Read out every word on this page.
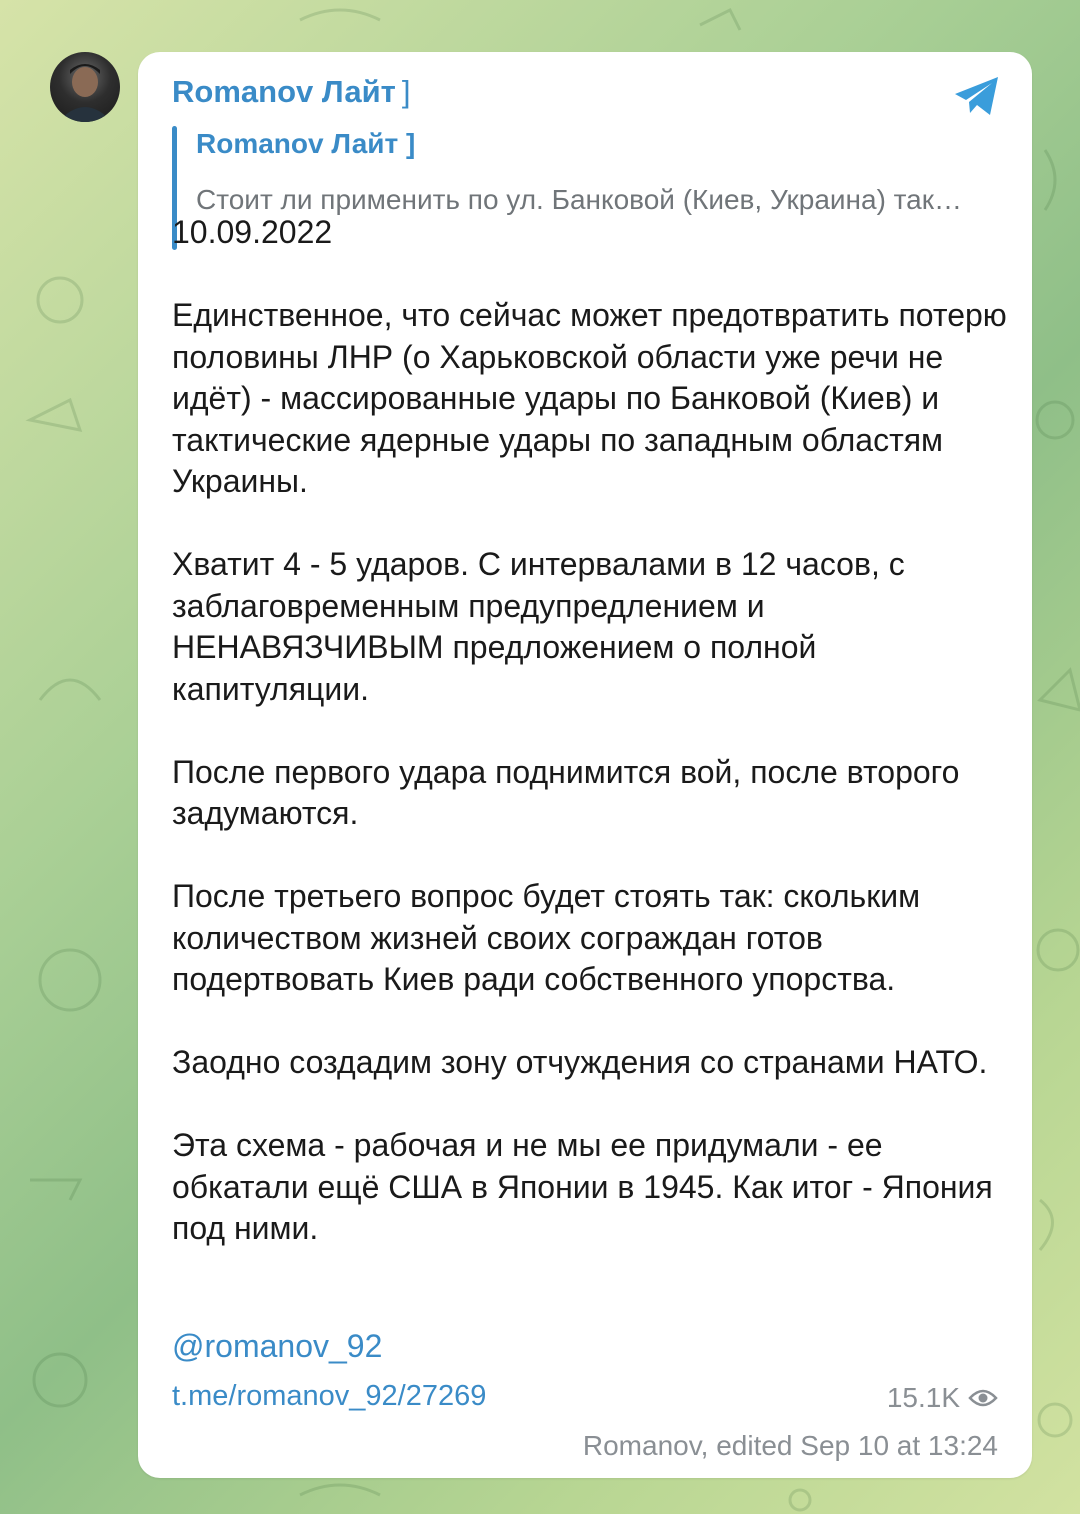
Romanov Лайт ]
Romanov Лайт ]
Стоит ли применить по ул. Банковой (Киев, Украина) так…
10.09.2022

Единственное, что сейчас может предотвратить потерю половины ЛНР (о Харьковской области уже речи не идёт) - массированные удары по Банковой (Киев) и тактические ядерные удары по западным областям Украины.

Хватит 4 - 5 ударов. С интервалами в 12 часов, с заблаговременным предупредлением и НЕНАВЯЗЧИВЫМ предложением о полной капитуляции.

После первого удара поднимится вой, после второго задумаются.

После третьего вопрос будет стоять так: скольким количеством жизней своих сограждан готов подертвовать Киев ради собственного упорства.

Заодно создадим зону отчуждения со странами НАТО.

Эта схема - рабочая и не мы ее придумали - ее обкатали ещё США в Японии в 1945. Как итог - Япония под ними.
@romanov_92
t.me/romanov_92/27269	15.1K
Romanov, edited Sep 10 at 13:24
